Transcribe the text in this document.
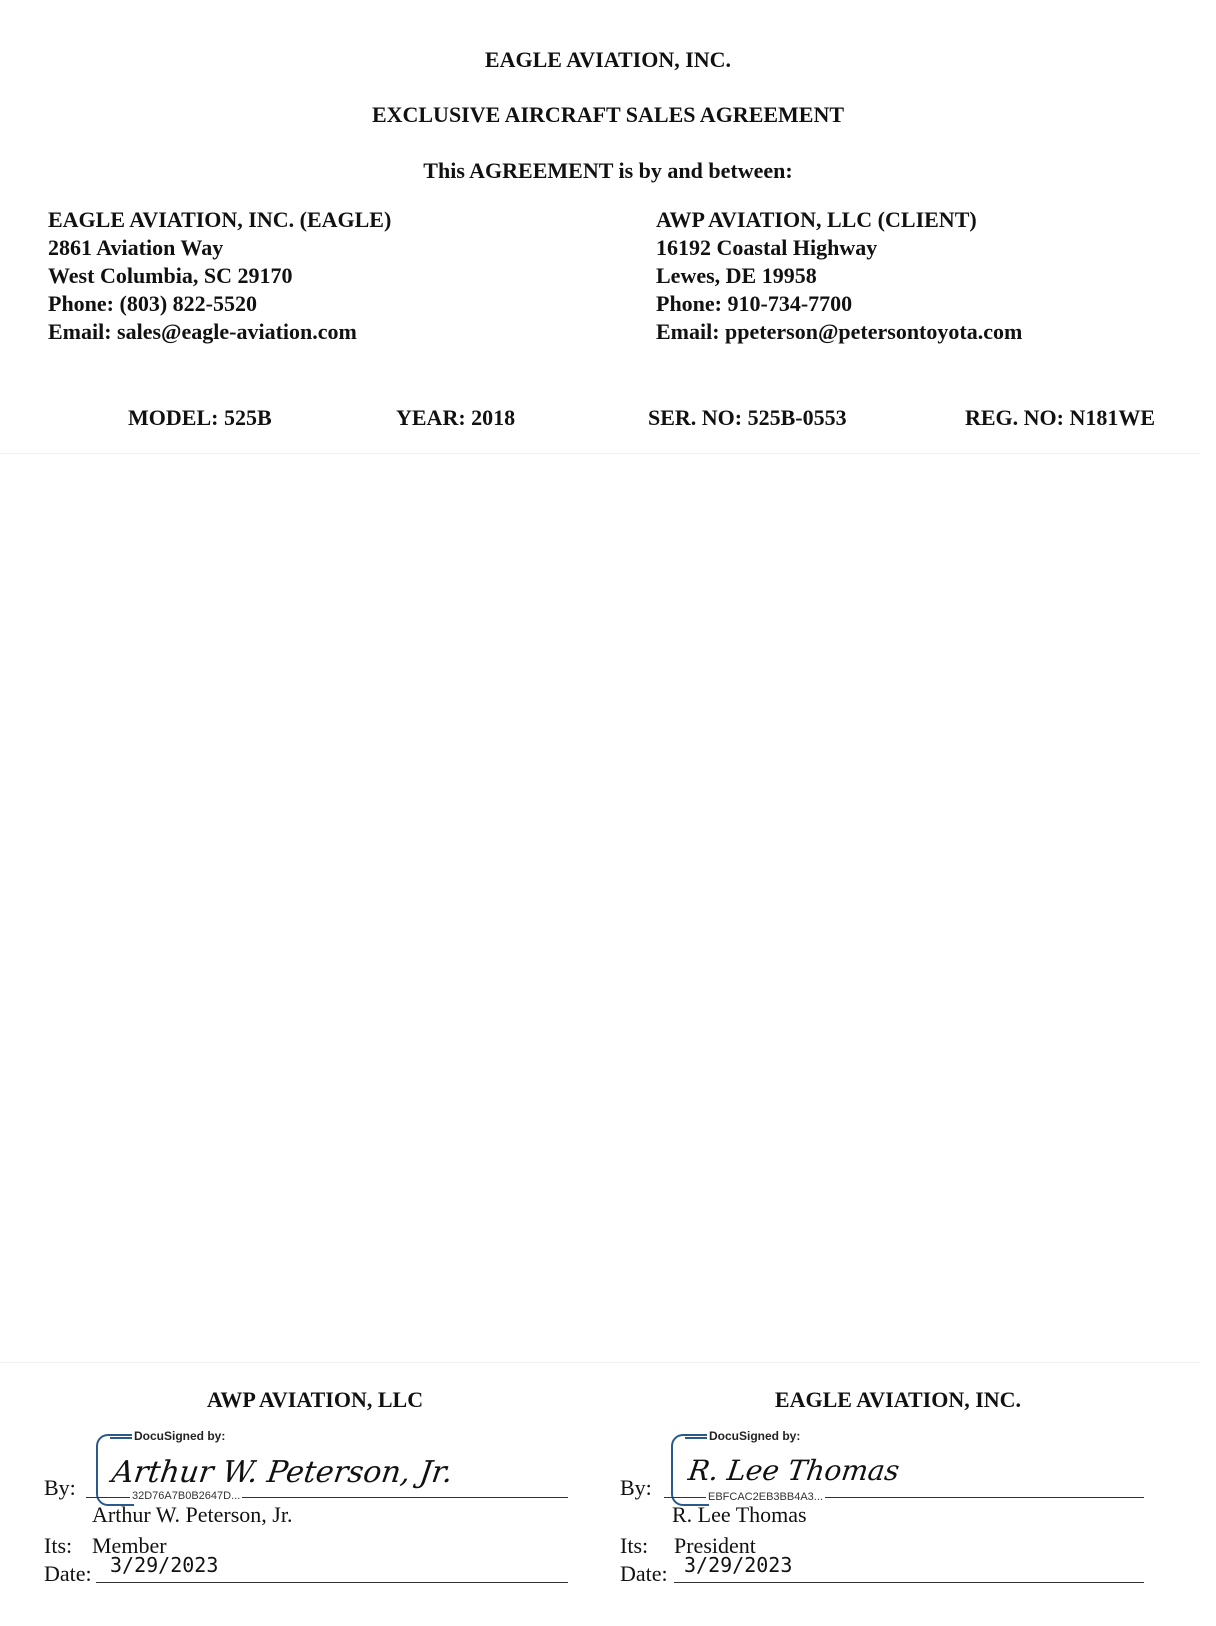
EAGLE AVIATION, INC.
EXCLUSIVE AIRCRAFT SALES AGREEMENT
This AGREEMENT is by and between:
EAGLE AVIATION, INC. (EAGLE)
2861 Aviation Way
West Columbia, SC 29170
Phone: (803) 822-5520
Email: sales@eagle-aviation.com
AWP AVIATION, LLC (CLIENT)
16192 Coastal Highway
Lewes, DE 19958
Phone: 910-734-7700
Email: ppeterson@petersontoyota.com
MODEL: 525B	YEAR: 2018	SER. NO: 525B-0553	REG. NO: N181WE
AWP AVIATION, LLC
By:
DocuSigned by:
Arthur W. Peterson, Jr.
32D76A7B0B2647D...
Arthur W. Peterson, Jr.
Its: Member
Date: 3/29/2023
EAGLE AVIATION, INC.
By:
DocuSigned by:
R. Lee Thomas
EBFCAC2EB3BB4A3...
R. Lee Thomas
Its: President
Date: 3/29/2023
